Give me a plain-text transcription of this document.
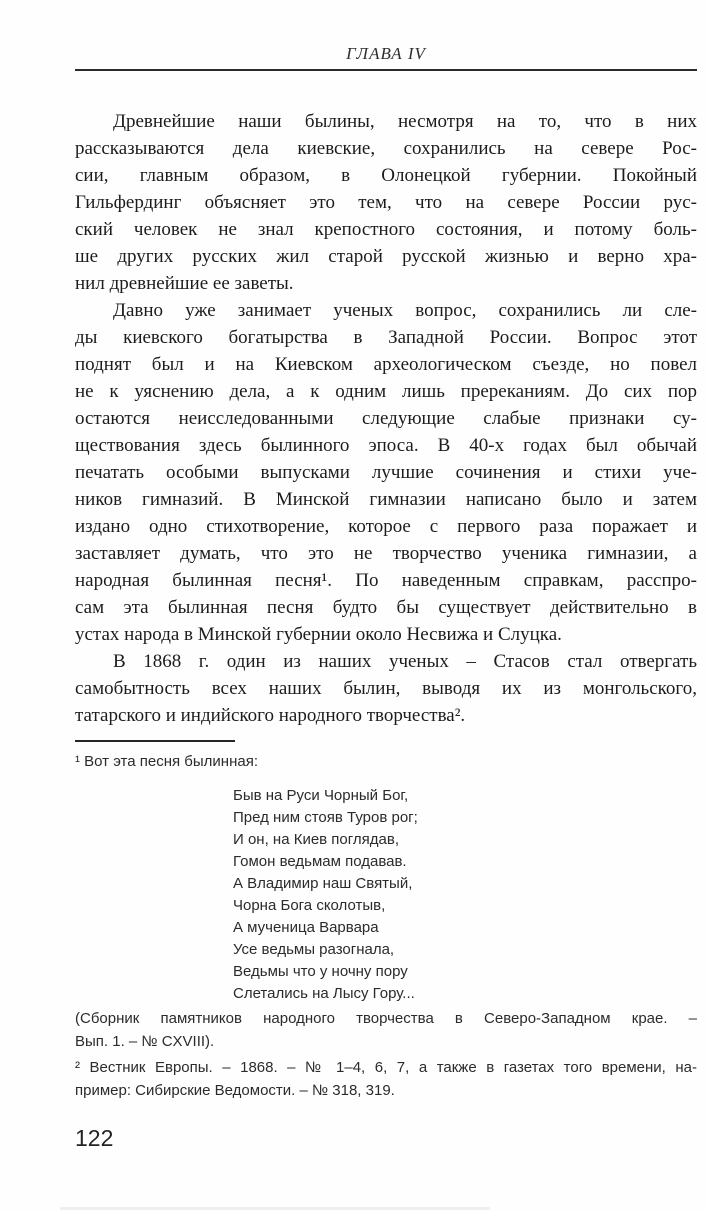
ГЛАВА IV
Древнейшие наши былины, несмотря на то, что в них
рассказываются дела киевские, сохранились на севере Рос-
сии, главным образом, в Олонецкой губернии. Покойный
Гильфердинг объясняет это тем, что на севере России рус-
ский человек не знал крепостного состояния, и потому боль-
ше других русских жил старой русской жизнью и верно хра-
нил древнейшие ее заветы.
Давно уже занимает ученых вопрос, сохранились ли сле-
ды киевского богатырства в Западной России. Вопрос этот
поднят был и на Киевском археологическом съезде, но повел
не к уяснению дела, а к одним лишь пререканиям. До сих пор
остаются неисследованными следующие слабые признаки су-
ществования здесь былинного эпоса. В 40-х годах был обычай
печатать особыми выпусками лучшие сочинения и стихи уче-
ников гимназий. В Минской гимназии написано было и затем
издано одно стихотворение, которое с первого раза поражает и
заставляет думать, что это не творчество ученика гимназии, а
народная былинная песня¹. По наведенным справкам, расспро-
сам эта былинная песня будто бы существует действительно в
устах народа в Минской губернии около Несвижа и Слуцка.
В 1868 г. один из наших ученых – Стасов стал отвергать
самобытность всех наших былин, выводя их из монгольского,
татарского и индийского народного творчества².
¹ Вот эта песня былинная:
Быв на Руси Чорный Бог,
Пред ним стояв Туров рог;
И он, на Киев поглядав,
Гомон ведьмам подавав.
А Владимир наш Святый,
Чорна Бога сколотыв,
А мученица Варвара
Усе ведьмы разогнала,
Ведьмы что у ночну пору
Слетались на Лысу Гору...
(Сборник памятников народного творчества в Северо-Западном крае. –
Вып. 1. – № CXVIII).
² Вестник Европы. – 1868. – № 1–4, 6, 7, а также в газетах того времени, на-
пример: Сибирские Ведомости. – № 318, 319.
122
